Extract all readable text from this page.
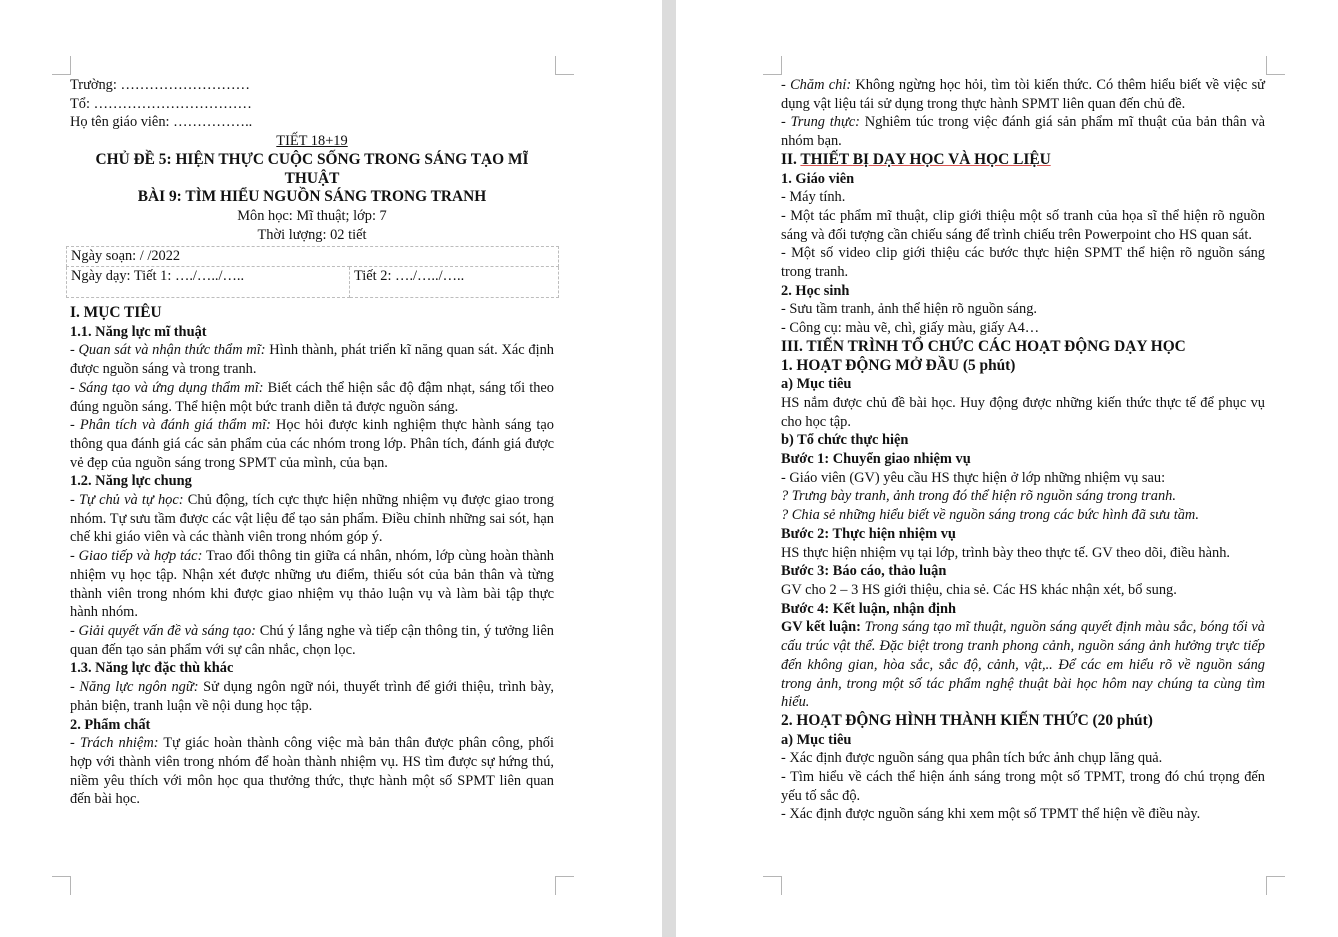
Trường: ………………………
Tổ: ……………………………
Họ tên giáo viên: ……………..
TIẾT 18+19
CHỦ ĐỀ 5: HIỆN THỰC CUỘC SỐNG TRONG SÁNG TẠO MĨ
THUẬT
BÀI 9: TÌM HIỂU NGUỒN SÁNG TRONG TRANH
Môn học: Mĩ thuật; lớp: 7
Thời lượng: 02 tiết
Ngày soạn: / /2022
Ngày dạy: Tiết 1: …./…../…..	Tiết 2: …./…../…..
I. MỤC TIÊU
1.1. Năng lực mĩ thuật
- Quan sát và nhận thức thẩm mĩ: Hình thành, phát triển kĩ năng quan sát. Xác định được nguồn sáng và trong tranh.
- Sáng tạo và ứng dụng thẩm mĩ: Biết cách thể hiện sắc độ đậm nhạt, sáng tối theo đúng nguồn sáng. Thể hiện một bức tranh diễn tả được nguồn sáng.
- Phân tích và đánh giá thẩm mĩ: Học hỏi được kinh nghiệm thực hành sáng tạo thông qua đánh giá các sản phẩm của các nhóm trong lớp. Phân tích, đánh giá được vẻ đẹp của nguồn sáng trong SPMT của mình, của bạn.
1.2. Năng lực chung
- Tự chủ và tự học: Chủ động, tích cực thực hiện những nhiệm vụ được giao trong nhóm. Tự sưu tầm được các vật liệu để tạo sản phẩm. Điều chỉnh những sai sót, hạn chế khi giáo viên và các thành viên trong nhóm góp ý.
- Giao tiếp và hợp tác: Trao đổi thông tin giữa cá nhân, nhóm, lớp cùng hoàn thành nhiệm vụ học tập. Nhận xét được những ưu điểm, thiếu sót của bản thân và từng thành viên trong nhóm khi được giao nhiệm vụ thảo luận vụ và làm bài tập thực hành nhóm.
- Giải quyết vấn đề và sáng tạo: Chú ý lắng nghe và tiếp cận thông tin, ý tưởng liên quan đến tạo sản phẩm với sự cân nhắc, chọn lọc.
1.3. Năng lực đặc thù khác
- Năng lực ngôn ngữ: Sử dụng ngôn ngữ nói, thuyết trình để giới thiệu, trình bày, phản biện, tranh luận về nội dung học tập.
2. Phẩm chất
- Trách nhiệm: Tự giác hoàn thành công việc mà bản thân được phân công, phối hợp với thành viên trong nhóm để hoàn thành nhiệm vụ. HS tìm được sự hứng thú, niềm yêu thích với môn học qua thưởng thức, thực hành một số SPMT liên quan đến bài học.
- Chăm chỉ: Không ngừng học hỏi, tìm tòi kiến thức. Có thêm hiểu biết về việc sử dụng vật liệu tái sử dụng trong thực hành SPMT liên quan đến chủ đề.
- Trung thực: Nghiêm túc trong việc đánh giá sản phẩm mĩ thuật của bản thân và nhóm bạn.
II. THIẾT BỊ DẠY HỌC VÀ HỌC LIỆU
1. Giáo viên
- Máy tính.
- Một tác phẩm mĩ thuật, clip giới thiệu một số tranh của họa sĩ thể hiện rõ nguồn sáng và đối tượng cần chiếu sáng để trình chiếu trên Powerpoint cho HS quan sát.
- Một số video clip giới thiệu các bước thực hiện SPMT thể hiện rõ nguồn sáng trong tranh.
2. Học sinh
- Sưu tầm tranh, ảnh thể hiện rõ nguồn sáng.
- Công cụ: màu vẽ, chì, giấy màu, giấy A4…
III. TIẾN TRÌNH TỔ CHỨC CÁC HOẠT ĐỘNG DẠY HỌC
1. HOẠT ĐỘNG MỞ ĐẦU (5 phút)
a) Mục tiêu
HS nắm được chủ đề bài học. Huy động được những kiến thức thực tế để phục vụ cho học tập.
b) Tổ chức thực hiện
Bước 1: Chuyển giao nhiệm vụ
- Giáo viên (GV) yêu cầu HS thực hiện ở lớp những nhiệm vụ sau:
? Trưng bày tranh, ảnh trong đó thể hiện rõ nguồn sáng trong tranh.
? Chia sẻ những hiểu biết về nguồn sáng trong các bức hình đã sưu tầm.
Bước 2: Thực hiện nhiệm vụ
HS thực hiện nhiệm vụ tại lớp, trình bày theo thực tế. GV theo dõi, điều hành.
Bước 3: Báo cáo, thảo luận
GV cho 2 – 3 HS giới thiệu, chia sẻ. Các HS khác nhận xét, bổ sung.
Bước 4: Kết luận, nhận định
GV kết luận: Trong sáng tạo mĩ thuật, nguồn sáng quyết định màu sắc, bóng tối và cấu trúc vật thể. Đặc biệt trong tranh phong cảnh, nguồn sáng ảnh hưởng trực tiếp đến không gian, hòa sắc, sắc độ, cảnh, vật,.. Để các em hiểu rõ về nguồn sáng trong ảnh, trong một số tác phẩm nghệ thuật bài học hôm nay chúng ta cùng tìm hiểu.
2. HOẠT ĐỘNG HÌNH THÀNH KIẾN THỨC (20 phút)
a) Mục tiêu
- Xác định được nguồn sáng qua phân tích bức ảnh chụp lăng quả.
- Tìm hiểu về cách thể hiện ánh sáng trong một số TPMT, trong đó chú trọng đến yếu tố sắc độ.
- Xác định được nguồn sáng khi xem một số TPMT thể hiện về điều này.
